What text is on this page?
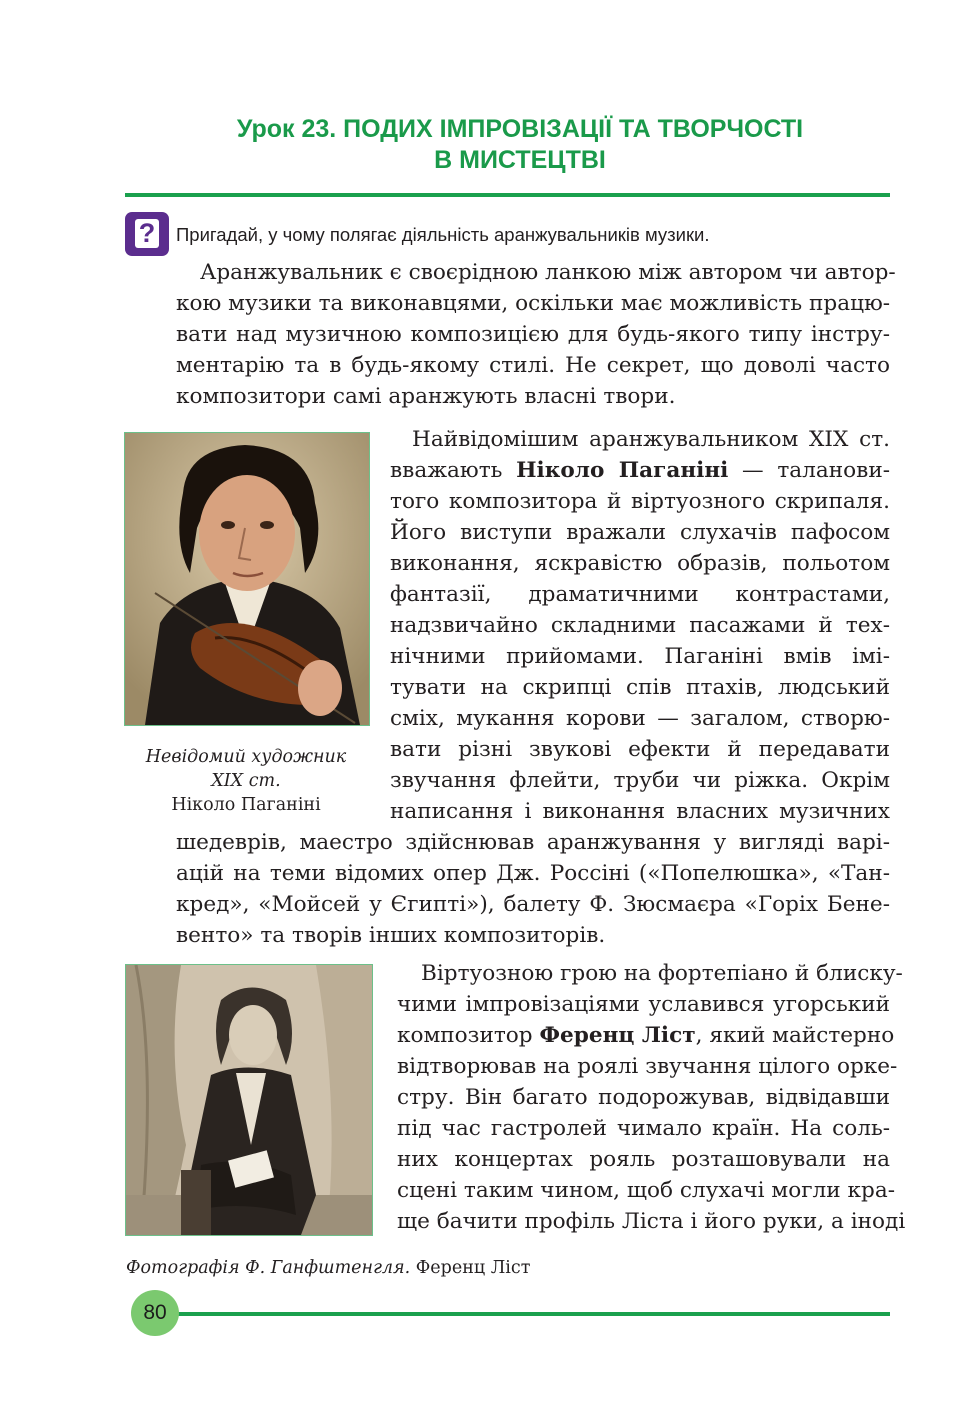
Урок 23. ПОДИХ ІМПРОВІЗАЦІЇ ТА ТВОРЧОСТІ
В МИСТЕЦТВІ
? Пригадай, у чому полягає діяльність аранжувальників музики.
Аранжувальник є своєрідною ланкою між автором чи автор-
кою музики та виконавцями, оскільки має можливість працю-
вати над музичною композицією для будь-якого типу інстру-
ментарію та в будь-якому стилі. Не секрет, що доволі часто
композитори самі аранжують власні твори.
Невідомий художник
XIX ст.
Ніколо Паганіні
Найвідомішим аранжувальником XIX ст.
вважають Ніколо Паганіні — таланови-
того композитора й віртуозного скрипаля.
Його виступи вражали слухачів пафосом
виконання, яскравістю образів, польотом
фантазії, драматичними контрастами,
надзвичайно складними пасажами й тех-
нічними прийомами. Паганіні вмів імі-
тувати на скрипці спів птахів, людський
сміх, мукання корови — загалом, створю-
вати різні звукові ефекти й передавати
звучання флейти, труби чи ріжка. Окрім
написання і виконання власних музичних
шедеврів, маестро здійснював аранжування у вигляді варі-
ацій на теми відомих опер Дж. Россіні («Попелюшка», «Тан-
кред», «Мойсей у Єгипті»), балету Ф. Зюсмаєра «Горіх Бене-
венто» та творів інших композиторів.
Віртуозною грою на фортепіано й блиску-
чими імпровізаціями уславився угорський
композитор Ференц Ліст, який майстерно
відтворював на роялі звучання цілого орке-
стру. Він багато подорожував, відвідавши
під час гастролей чимало країн. На соль-
них концертах рояль розташовували на
сцені таким чином, щоб слухачі могли кра-
ще бачити профіль Ліста і його руки, а іноді
Фотографія Ф. Ганфштенгля. Ференц Ліст
80
